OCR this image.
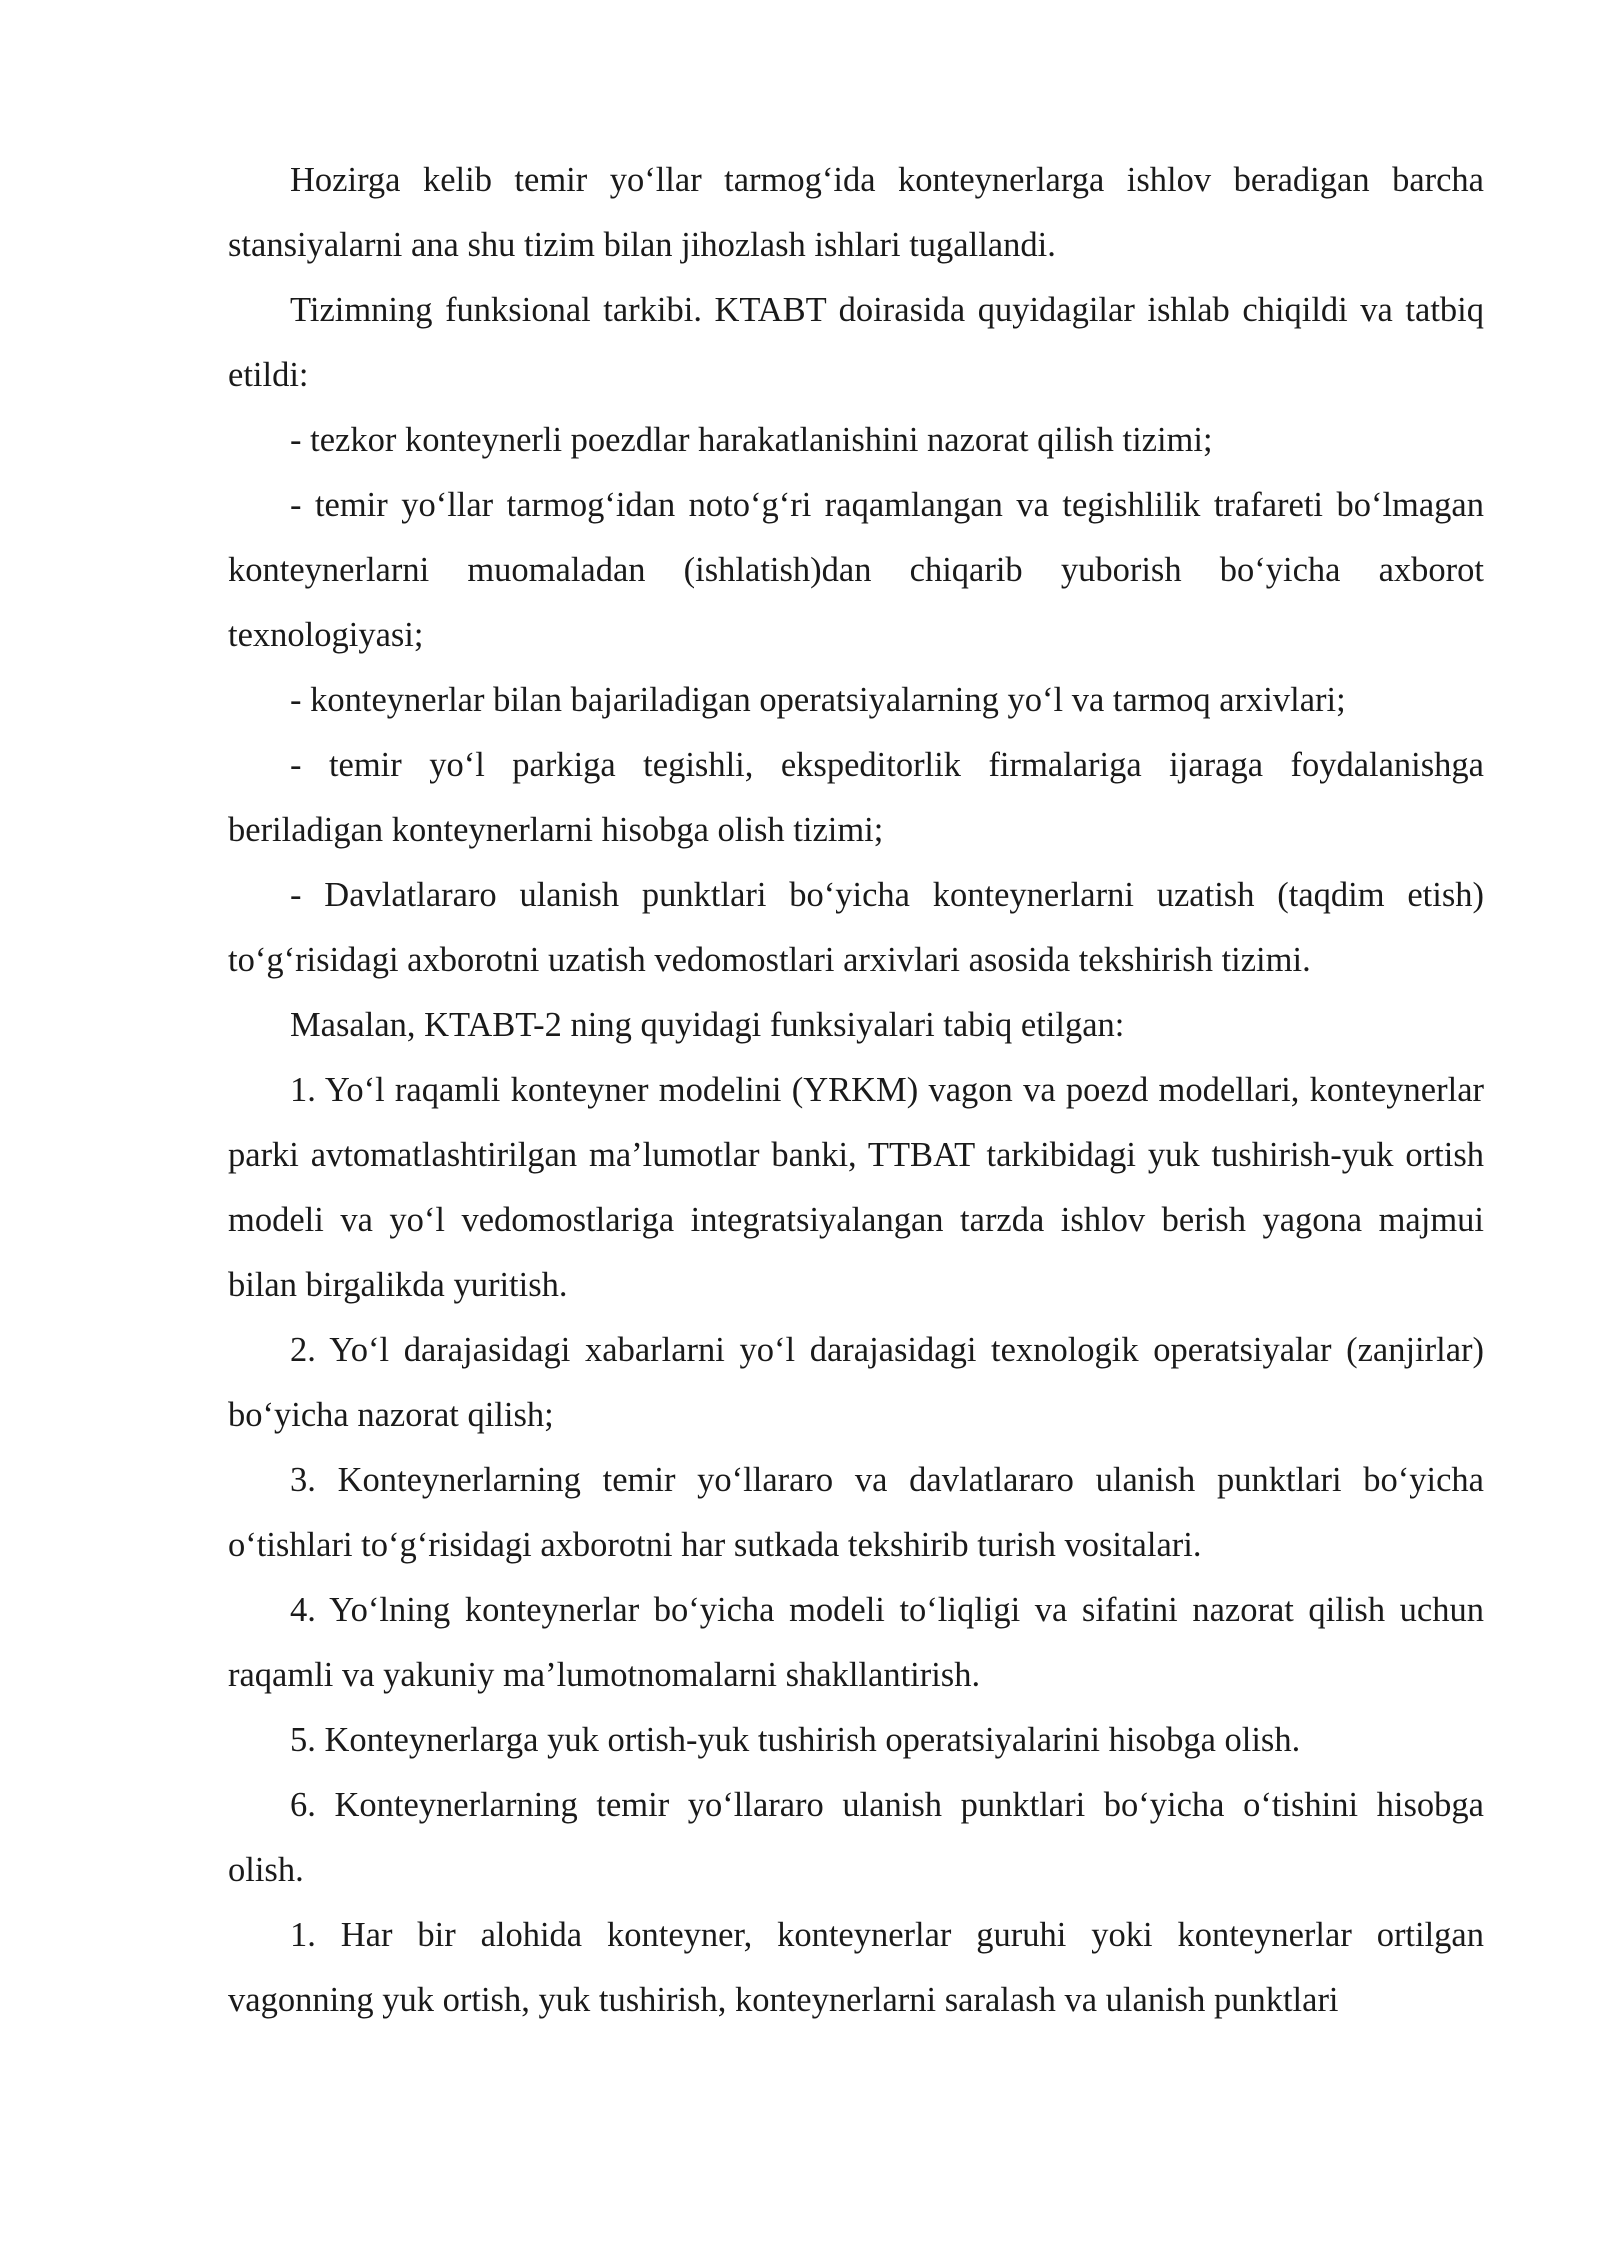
Hozirga kelib temir yo‘llar tarmog‘ida konteynerlarga ishlov beradigan barcha stansiyalarni ana shu tizim bilan jihozlash ishlari tugallandi.

Tizimning funksional tarkibi. KTABT doirasida quyidagilar ishlab chiqildi va tatbiq etildi:

- tezkor konteynerli poezdlar harakatlanishini nazorat qilish tizimi;

- temir yo‘llar tarmog‘idan noto‘g‘ri raqamlangan va tegishlilik trafareti bo‘lmagan konteynerlarni muomaladan (ishlatish)dan chiqarib yuborish bo‘yicha axborot texnologiyasi;

- konteynerlar bilan bajariladigan operatsiyalarning yo‘l va tarmoq arxivlari;

- temir yo‘l parkiga tegishli, ekspeditorlik firmalariga ijaraga foydalanishga beriladigan konteynerlarni hisobga olish tizimi;

- Davlatlararo ulanish punktlari bo‘yicha konteynerlarni uzatish (taqdim etish) to‘g‘risidagi axborotni uzatish vedomostlari arxivlari asosida tekshirish tizimi.

Masalan, KTABT-2 ning quyidagi funksiyalari tabiq etilgan:

1. Yo‘l raqamli konteyner modelini (YRKM) vagon va poezd modellari, konteynerlar parki avtomatlashtirilgan ma’lumotlar banki, TTBAT tarkibidagi yuk tushirish-yuk ortish modeli va yo‘l vedomostlariga integratsiyalangan tarzda ishlov berish yagona majmui bilan birgalikda yuritish.

2. Yo‘l darajasidagi xabarlarni yo‘l darajasidagi texnologik operatsiyalar (zanjirlar) bo‘yicha nazorat qilish;

3. Konteynerlarning temir yo‘llararo va davlatlararo ulanish punktlari bo‘yicha o‘tishlari to‘g‘risidagi axborotni har sutkada tekshirib turish vositalari.

4. Yo‘lning konteynerlar bo‘yicha modeli to‘liqligi va sifatini nazorat qilish uchun raqamli va yakuniy ma’lumotnomalarni shakllantirish.

5. Konteynerlarga yuk ortish-yuk tushirish operatsiyalarini hisobga olish.

6. Konteynerlarning temir yo‘llararo ulanish punktlari bo‘yicha o‘tishini hisobga olish.

1. Har bir alohida konteyner, konteynerlar guruhi yoki konteynerlar ortilgan vagonning yuk ortish, yuk tushirish, konteynerlarni saralash va ulanish punktlari
